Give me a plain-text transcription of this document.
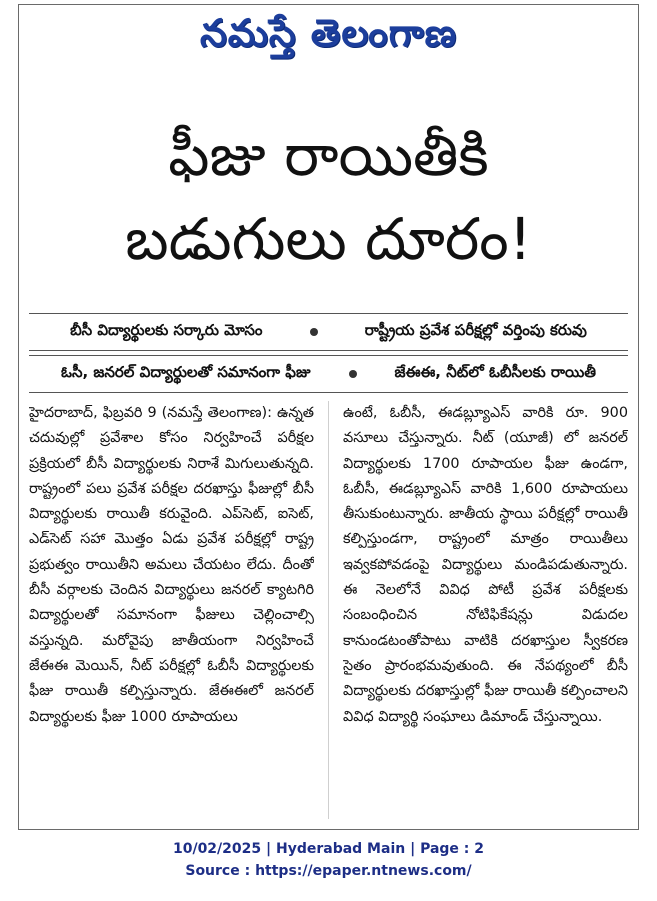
నమస్తే తెలంగాణ
ఫీజు రాయితీకి
బడుగులు దూరం!
బీసీ విద్యార్థులకు సర్కారు మోసం	రాష్ట్రీయ ప్రవేశ పరీక్షల్లో వర్తింపు కరువు
ఓసీ, జనరల్ విద్యార్థులతో సమానంగా ఫీజు	జేఈఈ, నీట్‌లో ఓబీసీలకు రాయితీ

హైదరాబాద్, ఫిబ్రవరి 9 (నమస్తే తెలంగాణ): ఉన్నత చదువుల్లో ప్రవేశాల కోసం నిర్వహించే పరీక్షల ప్రక్రియలో బీసీ విద్యార్థులకు నిరాశే మిగులుతున్నది. రాష్ట్రంలో పలు ప్రవేశ పరీక్షల దరఖాస్తు ఫీజుల్లో బీసీ విద్యార్థులకు రాయితీ కరువైంది. ఎప్‌సెట్, ఐసెట్, ఎడ్‌సెట్ సహా మొత్తం ఏడు ప్రవేశ పరీక్షల్లో రాష్ట్ర ప్రభుత్వం రాయితీని అమలు చేయటం లేదు. దీంతో బీసీ వర్గాలకు చెందిన విద్యార్థులు జనరల్ క్యాటగిరి విద్యార్థులతో సమానంగా ఫీజులు చెల్లించాల్సి వస్తున్నది. మరోవైపు జాతీయంగా నిర్వహించే జేఈఈ మెయిన్, నీట్ పరీక్షల్లో ఓబీసీ విద్యార్థులకు ఫీజు రాయితీ కల్పిస్తున్నారు. జేఈఈలో జనరల్ విద్యార్థులకు ఫీజు 1000 రూపాయలు

ఉంటే, ఓబీసీ, ఈడబ్ల్యూఎస్ వారికి రూ. 900 వసూలు చేస్తున్నారు. నీట్ (యూజీ) లో జనరల్ విద్యార్థులకు 1700 రూపాయల ఫీజు ఉండగా, ఓబీసీ, ఈడబ్ల్యూఎస్ వారికి 1,600 రూపాయలు తీసుకుంటున్నారు. జాతీయ స్థాయి పరీక్షల్లో రాయితీ కల్పిస్తుండగా, రాష్ట్రంలో మాత్రం రాయితీలు ఇవ్వకపోవడంపై విద్యార్థులు మండిపడుతున్నారు. ఈ నెలలోనే వివిధ పోటీ ప్రవేశ పరీక్షలకు సంబంధించిన నోటిఫికేషన్లు విడుదల కానుండటంతోపాటు వాటికి దరఖాస్తుల స్వీకరణ సైతం ప్రారంభమవుతుంది. ఈ నేపథ్యంలో బీసీ విద్యార్థులకు దరఖాస్తుల్లో ఫీజు రాయితీ కల్పించాలని వివిధ విద్యార్థి సంఘాలు డిమాండ్ చేస్తున్నాయి.

10/02/2025 | Hyderabad Main | Page : 2
Source : https://epaper.ntnews.com/
